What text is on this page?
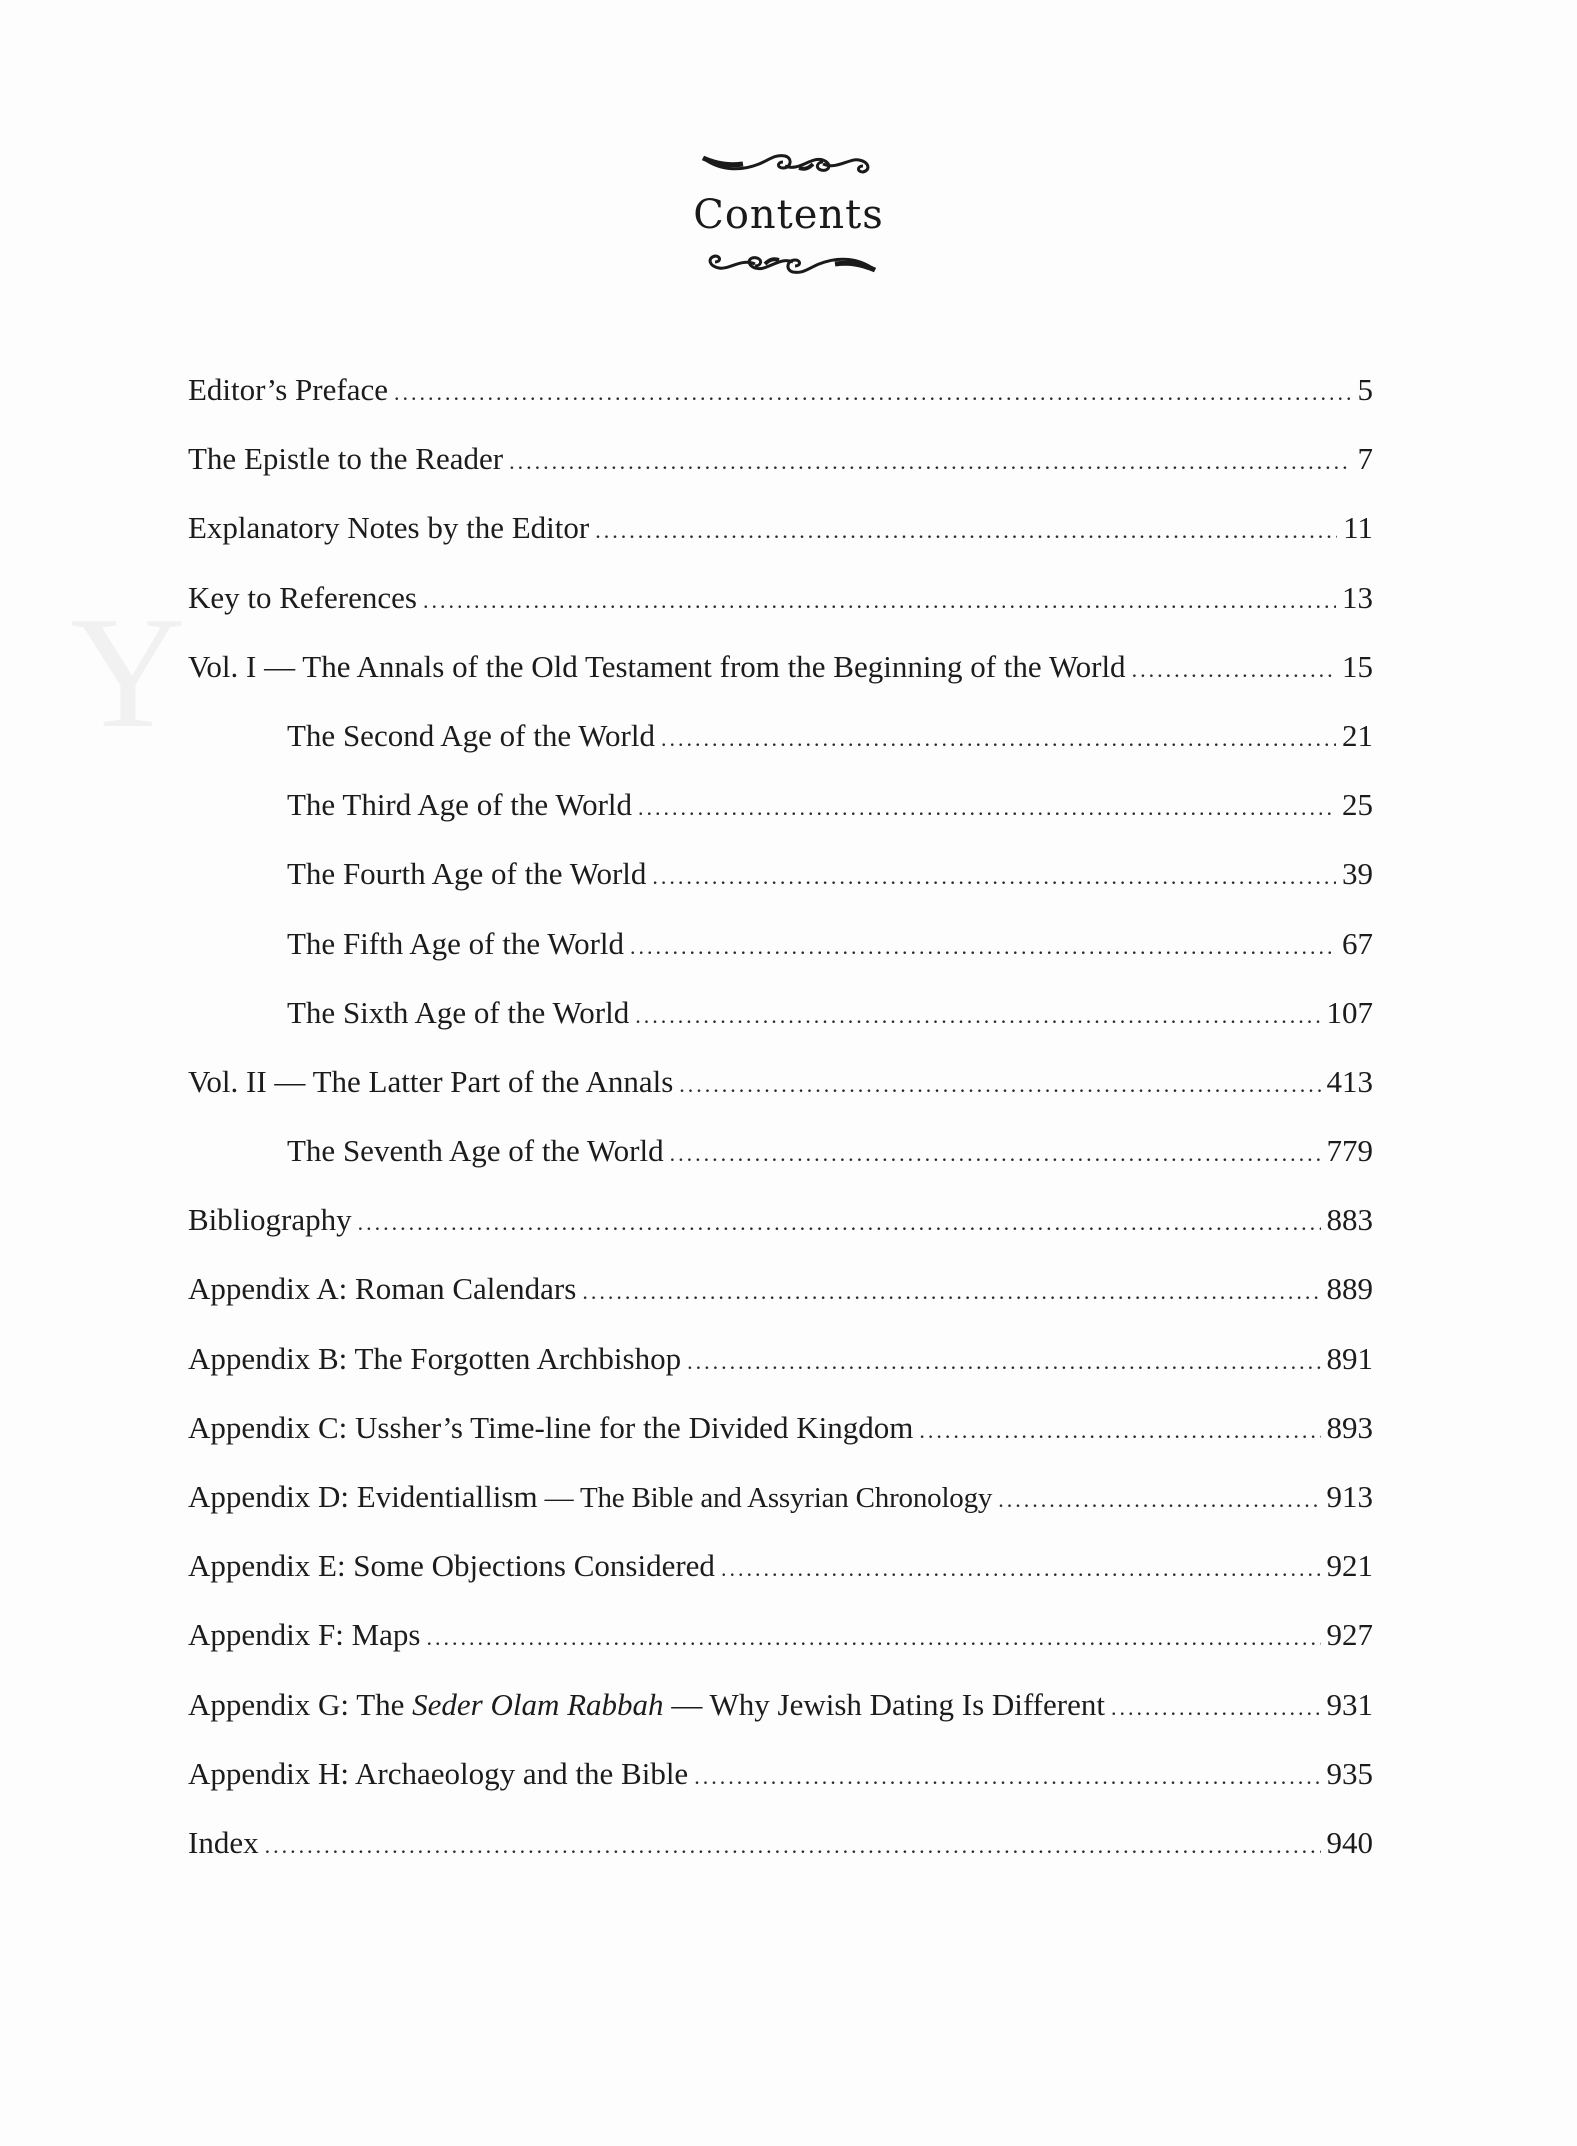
Y
Contents
Editor’s Preface .....	5
The Epistle to the Reader .....	7
Explanatory Notes by the Editor .....	11
Key to References .....	13
Vol. I — The Annals of the Old Testament from the Beginning of the World .....	15
The Second Age of the World .....	21
The Third Age of the World .....	25
The Fourth Age of the World .....	39
The Fifth Age of the World .....	67
The Sixth Age of the World .....	107
Vol. II — The Latter Part of the Annals .....	413
The Seventh Age of the World .....	779
Bibliography .....	883
Appendix A: Roman Calendars .....	889
Appendix B: The Forgotten Archbishop .....	891
Appendix C: Ussher’s Time-line for the Divided Kingdom .....	893
Appendix D: Evidentiallism — The Bible and Assyrian Chronology .....	913
Appendix E: Some Objections Considered .....	921
Appendix F: Maps .....	927
Appendix G: The Seder Olam Rabbah — Why Jewish Dating Is Different .....	931
Appendix H: Archaeology and the Bible .....	935
Index .....	940
